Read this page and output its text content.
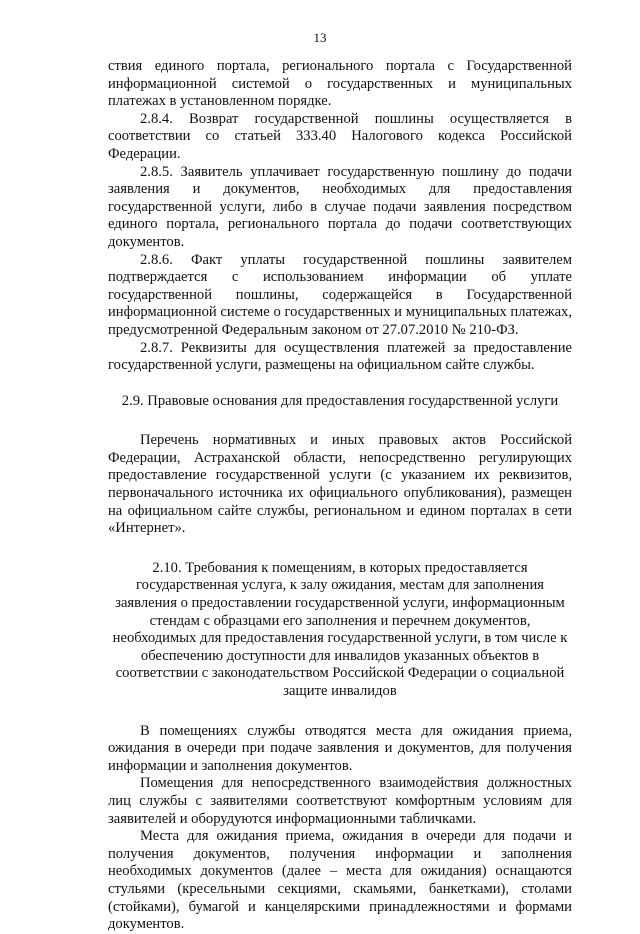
13

ствия единого портала, регионального портала с Государственной информационной системой о государственных и муниципальных платежах в установленном порядке.

2.8.4. Возврат государственной пошлины осуществляется в соответствии со статьей 333.40 Налогового кодекса Российской Федерации.

2.8.5. Заявитель уплачивает государственную пошлину до подачи заявления и документов, необходимых для предоставления государственной услуги, либо в случае подачи заявления посредством единого портала, регионального портала до подачи соответствующих документов.

2.8.6. Факт уплаты государственной пошлины заявителем подтверждается с использованием информации об уплате государственной пошлины, содержащейся в Государственной информационной системе о государственных и муниципальных платежах, предусмотренной Федеральным законом от 27.07.2010 № 210-ФЗ.

2.8.7. Реквизиты для осуществления платежей за предоставление государственной услуги, размещены на официальном сайте службы.

2.9. Правовые основания для предоставления государственной услуги

Перечень нормативных и иных правовых актов Российской Федерации, Астраханской области, непосредственно регулирующих предоставление государственной услуги (с указанием их реквизитов, первоначального источника их официального опубликования), размещен на официальном сайте службы, региональном и едином порталах в сети «Интернет».

2.10. Требования к помещениям, в которых предоставляется государственная услуга, к залу ожидания, местам для заполнения заявления о предоставлении государственной услуги, информационным стендам с образцами его заполнения и перечнем документов, необходимых для предоставления государственной услуги, в том числе к обеспечению доступности для инвалидов указанных объектов в соответствии с законодательством Российской Федерации о социальной защите инвалидов

В помещениях службы отводятся места для ожидания приема, ожидания в очереди при подаче заявления и документов, для получения информации и заполнения документов.

Помещения для непосредственного взаимодействия должностных лиц службы с заявителями соответствуют комфортным условиям для заявителей и оборудуются информационными табличками.

Места для ожидания приема, ожидания в очереди для подачи и получения документов, получения информации и заполнения необходимых документов (далее – места для ожидания) оснащаются стульями (кресельными секциями, скамьями, банкетками), столами (стойками), бумагой и канцелярскими принадлежностями и формами документов.
